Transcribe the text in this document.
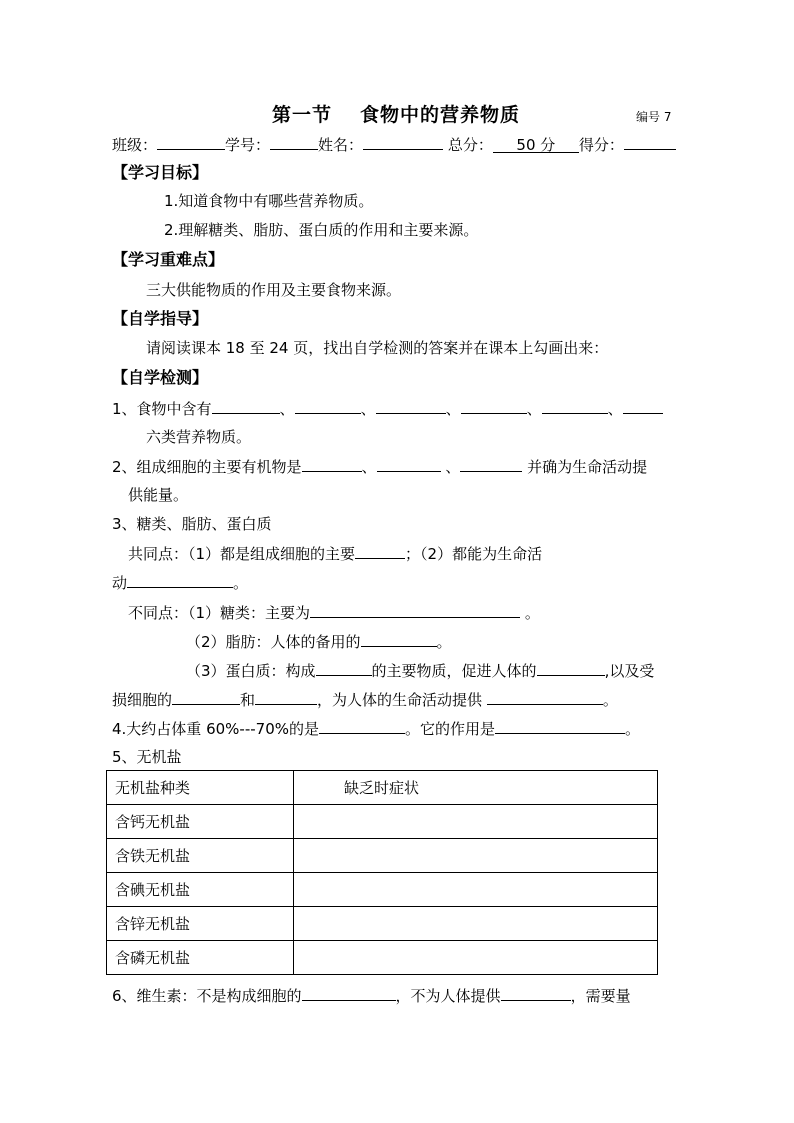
第一节 食物中的营养物质	编号 7
班级：	学号：	姓名：	总分： 50 分 得分：
【学习目标】
1.知道食物中有哪些营养物质。
2.理解糖类、脂肪、蛋白质的作用和主要来源。
【学习重难点】
三大供能物质的作用及主要食物来源。
【自学指导】
请阅读课本 18 至 24 页，找出自学检测的答案并在课本上勾画出来：
【自学检测】
1、食物中含有	、	、	、	、	、
六类营养物质。
2、组成细胞的主要有机物是	、	、	并确为生命活动提
供能量。
3、糖类、脂肪、蛋白质
共同点：（1）都是组成细胞的主要	；（2）都能为生命活
动	。
不同点：（1）糖类：主要为	。
（2）脂肪：人体的备用的	。
（3）蛋白质：构成	的主要物质，促进人体的	,以及受
损细胞的	和	，为人体的生命活动提供	。
4.大约占体重 60%---70%的是	。它的作用是	。
5、无机盐
无机盐种类	缺乏时症状
含钙无机盐	
含铁无机盐	
含碘无机盐	
含锌无机盐	
含磷无机盐	
6、维生素：不是构成细胞的	，不为人体提供	，需要量
